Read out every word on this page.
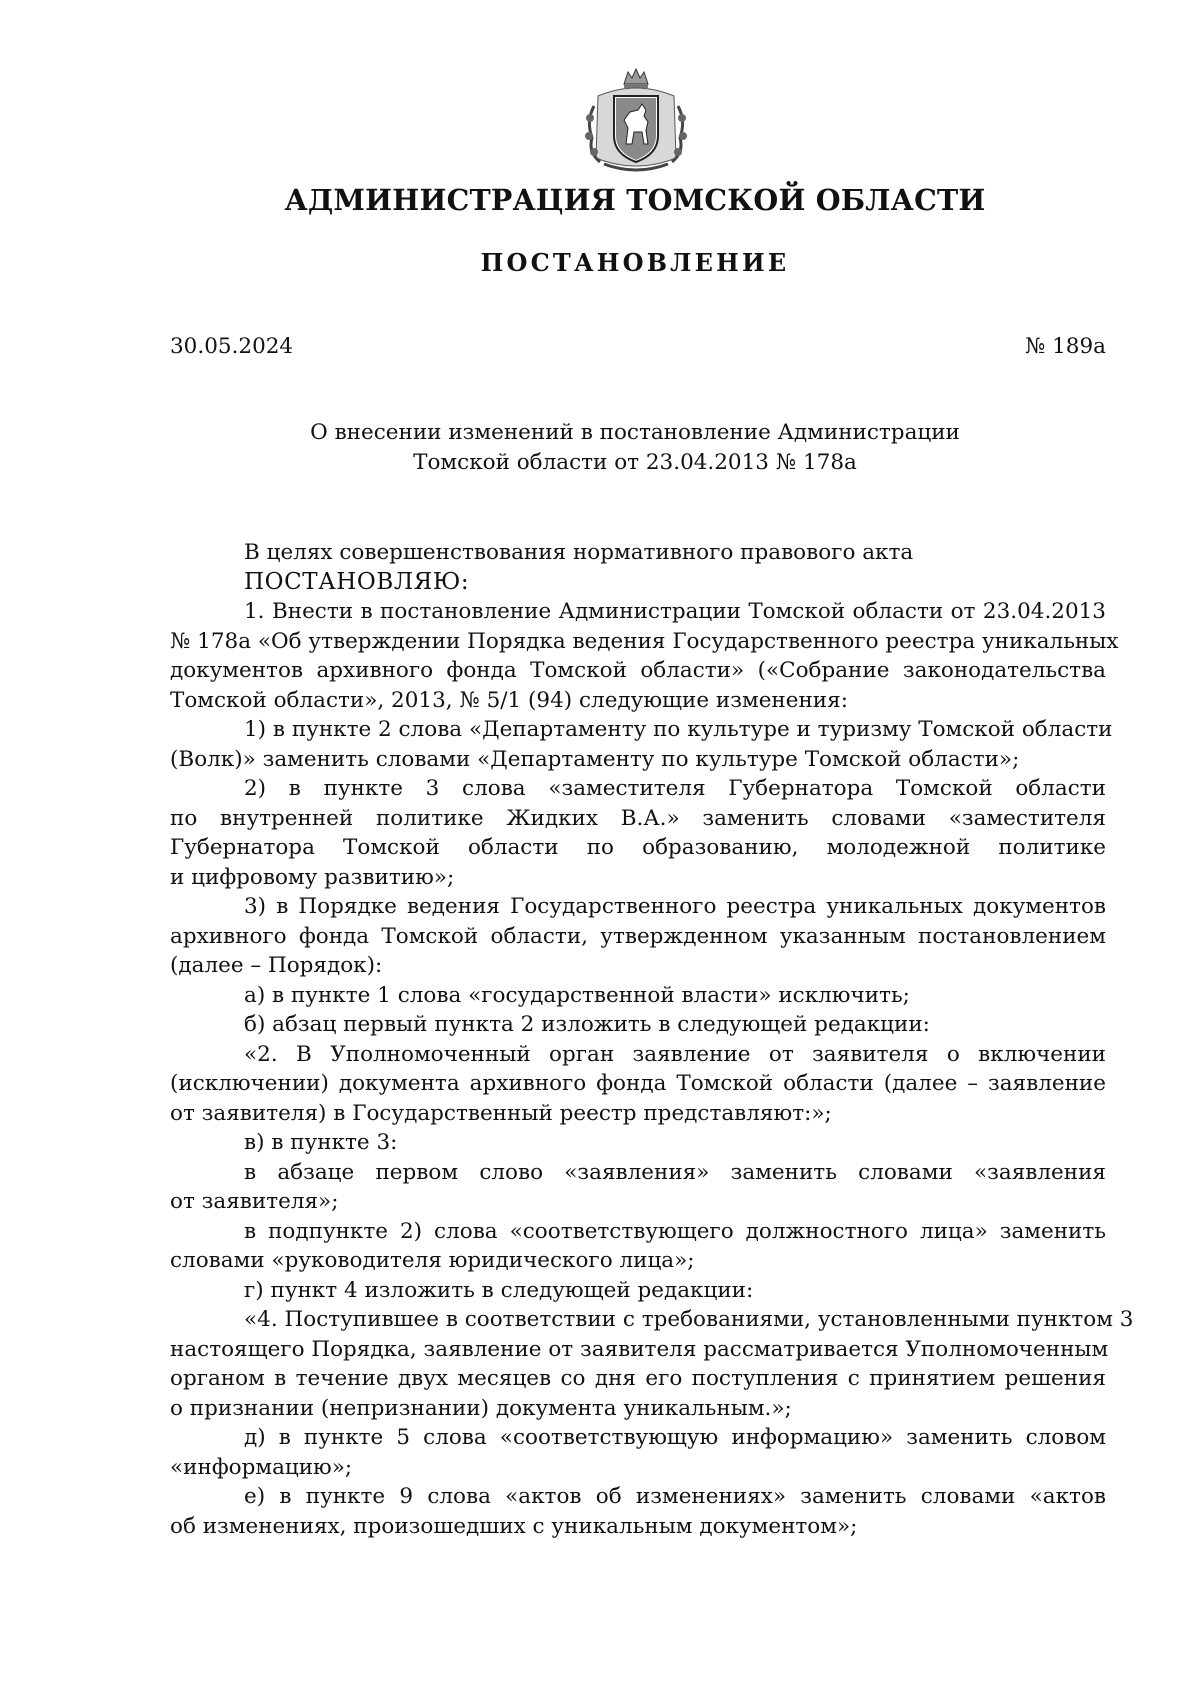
АДМИНИСТРАЦИЯ ТОМСКОЙ ОБЛАСТИ
ПОСТАНОВЛЕНИЕ
30.05.2024	№ 189а
О внесении изменений в постановление Администрации
Томской области от 23.04.2013 № 178а
В целях совершенствования нормативного правового акта
ПОСТАНОВЛЯЮ:
1. Внести в постановление Администрации Томской области от 23.04.2013
№ 178а «Об утверждении Порядка ведения Государственного реестра уникальных
документов архивного фонда Томской области» («Собрание законодательства
Томской области», 2013, № 5/1 (94) следующие изменения:
1) в пункте 2 слова «Департаменту по культуре и туризму Томской области
(Волк)» заменить словами «Департаменту по культуре Томской области»;
2) в пункте 3 слова «заместителя Губернатора Томской области
по внутренней политике Жидких В.А.» заменить словами «заместителя
Губернатора Томской области по образованию, молодежной политике
и цифровому развитию»;
3) в Порядке ведения Государственного реестра уникальных документов
архивного фонда Томской области, утвержденном указанным постановлением
(далее – Порядок):
а) в пункте 1 слова «государственной власти» исключить;
б) абзац первый пункта 2 изложить в следующей редакции:
«2. В Уполномоченный орган заявление от заявителя о включении
(исключении) документа архивного фонда Томской области (далее – заявление
от заявителя) в Государственный реестр представляют:»;
в) в пункте 3:
в абзаце первом слово «заявления» заменить словами «заявления
от заявителя»;
в подпункте 2) слова «соответствующего должностного лица» заменить
словами «руководителя юридического лица»;
г) пункт 4 изложить в следующей редакции:
«4. Поступившее в соответствии с требованиями, установленными пунктом 3
настоящего Порядка, заявление от заявителя рассматривается Уполномоченным
органом в течение двух месяцев со дня его поступления с принятием решения
о признании (непризнании) документа уникальным.»;
д) в пункте 5 слова «соответствующую информацию» заменить словом
«информацию»;
е) в пункте 9 слова «актов об изменениях» заменить словами «актов
об изменениях, произошедших с уникальным документом»;
